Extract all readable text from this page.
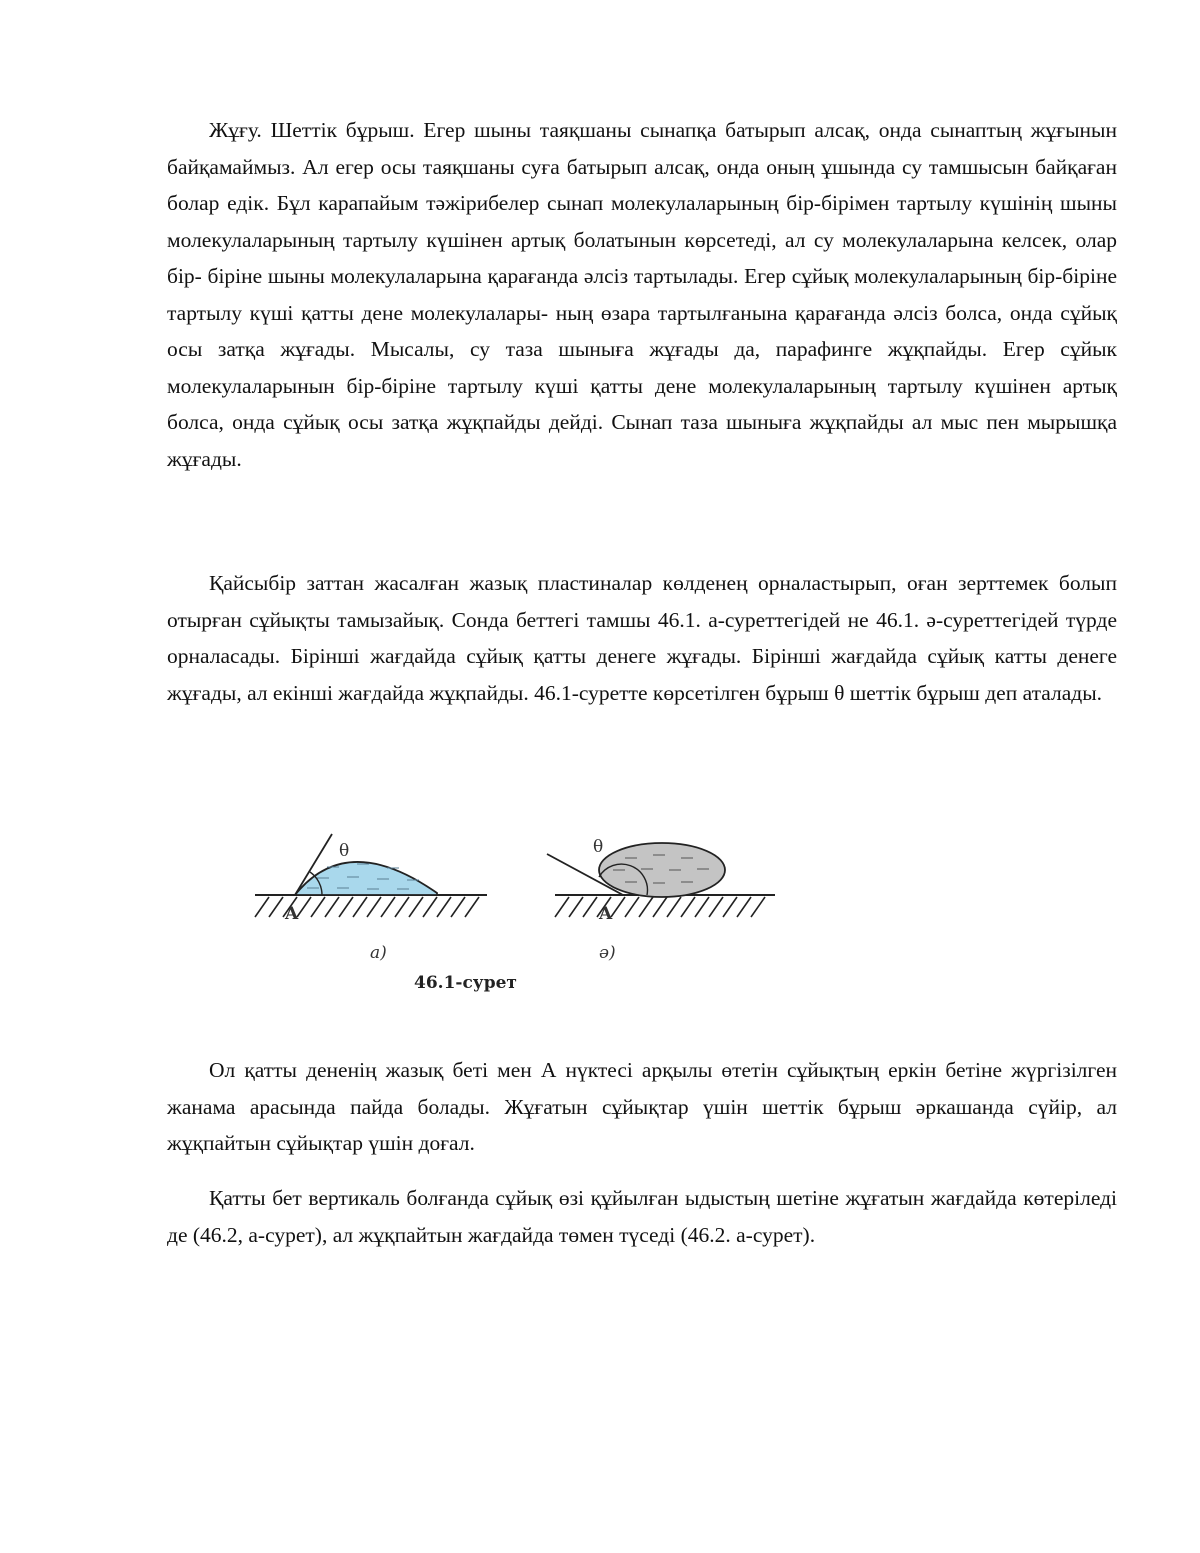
Жұғу. Шеттік бұрыш. Егер шыны таяқшаны сынапқа батырып алсақ, онда сынаптың жұғынын байқамаймыз. Ал егер осы таяқшаны суға батырып алсақ, онда оның ұшында су тамшысын байқаған болар едік. Бұл карапайым тәжірибелер сынап молекулаларының бір-бірімен тартылу күшінің шыны молекулаларының тартылу күшінен артық болатынын көрсетеді, ал су молекулаларына келсек, олар бір- біріне шыны молекулаларына қарағанда әлсіз тартылады. Егер сұйық молекулаларының бір-біріне тартылу күші қатты дене молекулалары- ның өзара тартылғанына қарағанда әлсіз болса, онда сұйық осы затқа жұғады. Мысалы, су таза шыныға жұғады да, парафинге жұқпайды. Егер сұйык молекулаларынын бір-біріне тартылу күші қатты дене молекулаларының тартылу күшінен артық болса, онда сұйық осы затқа жұқпайды дейді. Сынап таза шыныға жұқпайды ал мыс пен мырышқа жұғады.

Қайсыбір заттан жасалған жазық пластиналар көлденең орналастырып, оған зерттемек болып отырған сұйықты тамызайық. Сонда беттегі тамшы 46.1. а-суреттегідей не 46.1. ә-суреттегідей түрде орналасады. Бірінші жағдайда сұйық қатты денеге жұғады. Бірінші жағдайда сұйық катты денеге жұғады, ал екінші жағдайда жұқпайды. 46.1-суретте көрсетілген бұрыш θ шеттік бұрыш деп аталады.

θ
A
θ
A
ә)
а)
46.1-сурет

Ол қатты дененің жазық беті мен А нүктесі арқылы өтетін сұйықтың еркін бетіне жүргізілген жанама арасында пайда болады. Жұғатын сұйықтар үшін шеттік бұрыш әркашанда сүйір, ал жұқпайтын сұйықтар үшін доғал.

Қатты бет вертикаль болғанда сұйық өзі құйылған ыдыстың шетіне жұғатын жағдайда көтеріледі де (46.2, а-сурет), ал жұқпайтын жағдайда төмен түседі (46.2. а-сурет).
